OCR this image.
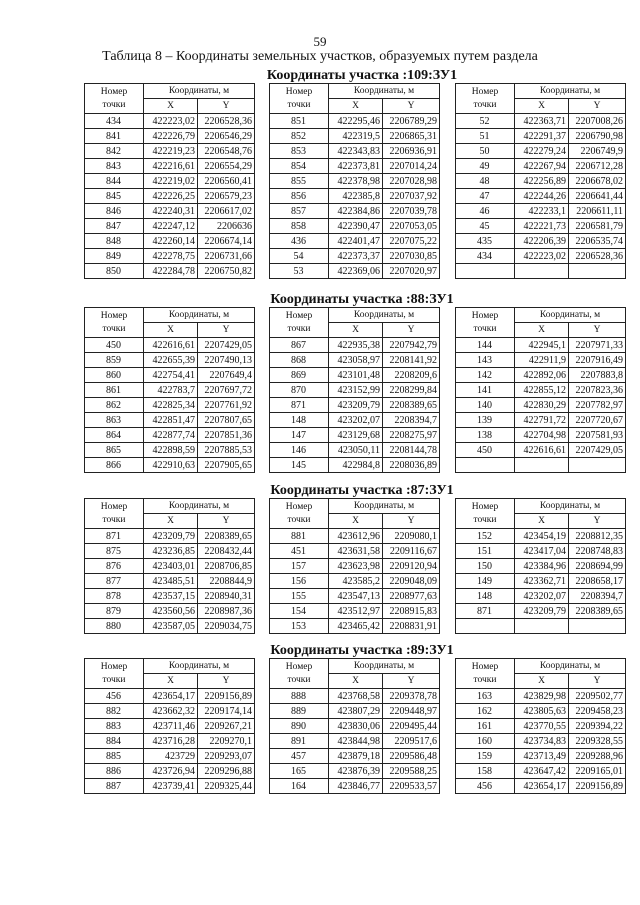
59
Таблица 8 – Координаты земельных участков, образуемых путем раздела
Координаты участка :109:ЗУ1
Номер
точки	Координаты, м	
	X	Y
434	422223,02	2206528,36
841	422226,79	2206546,29
842	422219,23	2206548,76
843	422216,61	2206554,29
844	422219,02	2206560,41
845	422226,25	2206579,23
846	422240,31	2206617,02
847	422247,12	2206636
848	422260,14	2206674,14
849	422278,75	2206731,66
850	422284,78	2206750,82
Номер
точки	Координаты, м	
	X	Y
851	422295,46	2206789,29
852	422319,5	2206865,31
853	422343,83	2206936,91
854	422373,81	2207014,24
855	422378,98	2207028,98
856	422385,8	2207037,92
857	422384,86	2207039,78
858	422390,47	2207053,05
436	422401,47	2207075,22
54	422373,37	2207030,85
53	422369,06	2207020,97
Номер
точки	Координаты, м	
	X	Y
52	422363,71	2207008,26
51	422291,37	2206790,98
50	422279,24	2206749,9
49	422267,94	2206712,28
48	422256,89	2206678,02
47	422244,26	2206641,44
46	422233,1	2206611,11
45	422221,73	2206581,79
435	422206,39	2206535,74
434	422223,02	2206528,36

Координаты участка :88:ЗУ1
Номер
точки	Координаты, м	
	X	Y
450	422616,61	2207429,05
859	422655,39	2207490,13
860	422754,41	2207649,4
861	422783,7	2207697,72
862	422825,34	2207761,92
863	422851,47	2207807,65
864	422877,74	2207851,36
865	422898,59	2207885,53
866	422910,63	2207905,65
Номер
точки	Координаты, м	
	X	Y
867	422935,38	2207942,79
868	423058,97	2208141,92
869	423101,48	2208209,6
870	423152,99	2208299,84
871	423209,79	2208389,65
148	423202,07	2208394,7
147	423129,68	2208275,97
146	423050,11	2208144,78
145	422984,8	2208036,89
Номер
точки	Координаты, м	
	X	Y
144	422945,1	2207971,33
143	422911,9	2207916,49
142	422892,06	2207883,8
141	422855,12	2207823,36
140	422830,29	2207782,97
139	422791,72	2207720,67
138	422704,98	2207581,93
450	422616,61	2207429,05

Координаты участка :87:ЗУ1
Номер
точки	Координаты, м	
	X	Y
871	423209,79	2208389,65
875	423236,85	2208432,44
876	423403,01	2208706,85
877	423485,51	2208844,9
878	423537,15	2208940,31
879	423560,56	2208987,36
880	423587,05	2209034,75
Номер
точки	Координаты, м	
	X	Y
881	423612,96	2209080,1
451	423631,58	2209116,67
157	423623,98	2209120,94
156	423585,2	2209048,09
155	423547,13	2208977,63
154	423512,97	2208915,83
153	423465,42	2208831,91
Номер
точки	Координаты, м	
	X	Y
152	423454,19	2208812,35
151	423417,04	2208748,83
150	423384,96	2208694,99
149	423362,71	2208658,17
148	423202,07	2208394,7
871	423209,79	2208389,65

Координаты участка :89:ЗУ1
Номер
точки	Координаты, м	
	X	Y
456	423654,17	2209156,89
882	423662,32	2209174,14
883	423711,46	2209267,21
884	423716,28	2209270,1
885	423729	2209293,07
886	423726,94	2209296,88
887	423739,41	2209325,44
Номер
точки	Координаты, м	
	X	Y
888	423768,58	2209378,78
889	423807,29	2209448,97
890	423830,06	2209495,44
891	423844,98	2209517,6
457	423879,18	2209586,48
165	423876,39	2209588,25
164	423846,77	2209533,57
Номер
точки	Координаты, м	
	X	Y
163	423829,98	2209502,77
162	423805,63	2209458,23
161	423770,55	2209394,22
160	423734,83	2209328,55
159	423713,49	2209288,96
158	423647,42	2209165,01
456	423654,17	2209156,89
